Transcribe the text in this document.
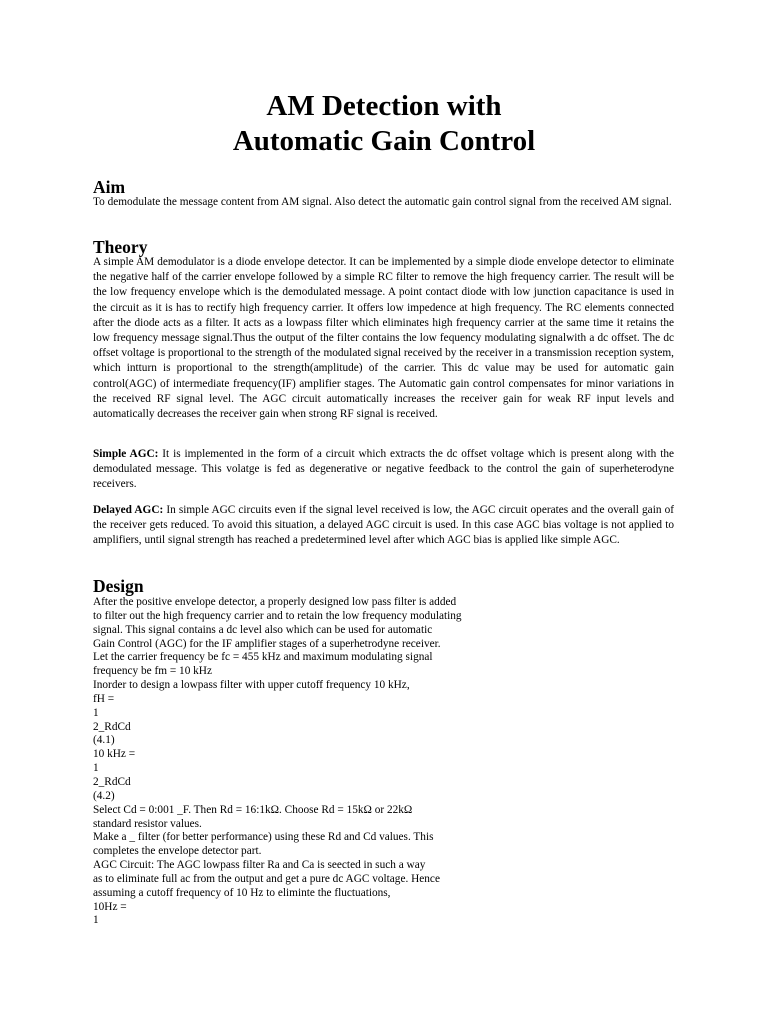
AM Detection with
Automatic Gain Control
Aim

To demodulate the message content from AM signal. Also detect the automatic gain control signal from the received AM signal.

Theory

A simple AM demodulator is a diode envelope detector. It can be implemented by a simple diode envelope detector to eliminate the negative half of the carrier envelope followed by a simple RC filter to remove the high frequency carrier. The result will be the low frequency envelope which is the demodulated message. A point contact diode with low junction capacitance is used in the circuit as it is has to rectify high frequency carrier. It offers low impedence at high frequency. The RC elements connected after the diode acts as a filter. It acts as a lowpass filter which eliminates high frequency carrier at the same time it retains the low frequency message signal.Thus the output of the filter contains the low fequency modulating signalwith a dc offset. The dc offset voltage is proportional to the strength of the modulated signal received by the receiver in a transmission reception system, which intturn is proportional to the strength(amplitude) of the carrier. This dc value may be used for automatic gain control(AGC) of intermediate frequency(IF) amplifier stages. The Automatic gain control compensates for minor variations in the received RF signal level. The AGC circuit automatically increases the receiver gain for weak RF input levels and automatically decreases the receiver gain when strong RF signal is received.

Simple AGC: It is implemented in the form of a circuit which extracts the dc offset voltage which is present along with the demodulated message. This volatge is fed as degenerative or negative feedback to the control the gain of superheterodyne receivers.

Delayed AGC: In simple AGC circuits even if the signal level received is low, the AGC circuit operates and the overall gain of the receiver gets reduced. To avoid this situation, a delayed AGC circuit is used. In this case AGC bias voltage is not applied to amplifiers, until signal strength has reached a predetermined level after which AGC bias is applied like simple AGC.

Design
After the positive envelope detector, a properly designed low pass filter is added
to filter out the high frequency carrier and to retain the low frequency modulating
signal. This signal contains a dc level also which can be used for automatic
Gain Control (AGC) for the IF amplifier stages of a superhetrodyne receiver.
Let the carrier frequency be fc = 455 kHz and maximum modulating signal
frequency be fm = 10 kHz
Inorder to design a lowpass filter with upper cutoff frequency 10 kHz,
fH =
1
2_RdCd
(4.1)
10 kHz =
1
2_RdCd
(4.2)
Select Cd = 0:001 _F. Then Rd = 16:1kΩ. Choose Rd = 15kΩ or 22kΩ
standard resistor values.
Make a _ filter (for better performance) using these Rd and Cd values. This
completes the envelope detector part.
AGC Circuit: The AGC lowpass filter Ra and Ca is seected in such a way
as to eliminate full ac from the output and get a pure dc AGC voltage. Hence
assuming a cutoff frequency of 10 Hz to eliminte the fluctuations,
10Hz =
1
